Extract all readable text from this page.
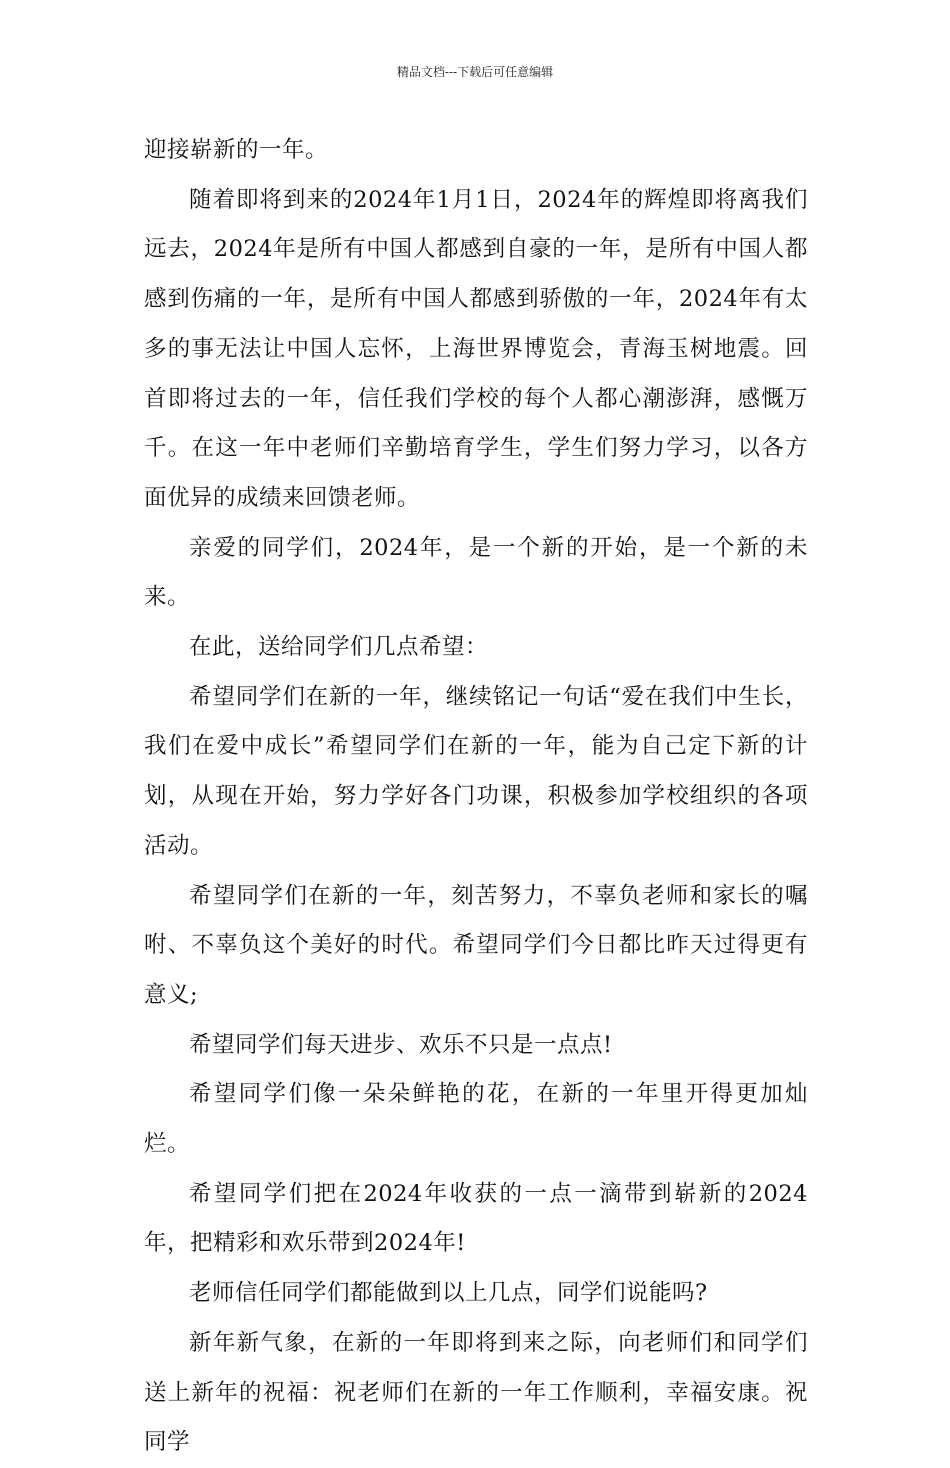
精品文档---下载后可任意编辑

迎接崭新的一年。

随着即将到来的2024年1月1日，2024年的辉煌即将离我们远去，2024年是所有中国人都感到自豪的一年，是所有中国人都感到伤痛的一年，是所有中国人都感到骄傲的一年，2024年有太多的事无法让中国人忘怀，上海世界博览会，青海玉树地震。回首即将过去的一年，信任我们学校的每个人都心潮澎湃，感慨万千。在这一年中老师们辛勤培育学生，学生们努力学习，以各方面优异的成绩来回馈老师。

亲爱的同学们，2024年，是一个新的开始，是一个新的未来。

在此，送给同学们几点希望：

希望同学们在新的一年，继续铭记一句话“爱在我们中生长，我们在爱中成长”希望同学们在新的一年，能为自己定下新的计划，从现在开始，努力学好各门功课，积极参加学校组织的各项活动。

希望同学们在新的一年，刻苦努力，不辜负老师和家长的嘱咐、不辜负这个美好的时代。希望同学们今日都比昨天过得更有意义;

希望同学们每天进步、欢乐不只是一点点!

希望同学们像一朵朵鲜艳的花，在新的一年里开得更加灿烂。

希望同学们把在2024年收获的一点一滴带到崭新的2024年，把精彩和欢乐带到2024年!

老师信任同学们都能做到以上几点，同学们说能吗?

新年新气象，在新的一年即将到来之际，向老师们和同学们送上新年的祝福：祝老师们在新的一年工作顺利，幸福安康。祝同学
